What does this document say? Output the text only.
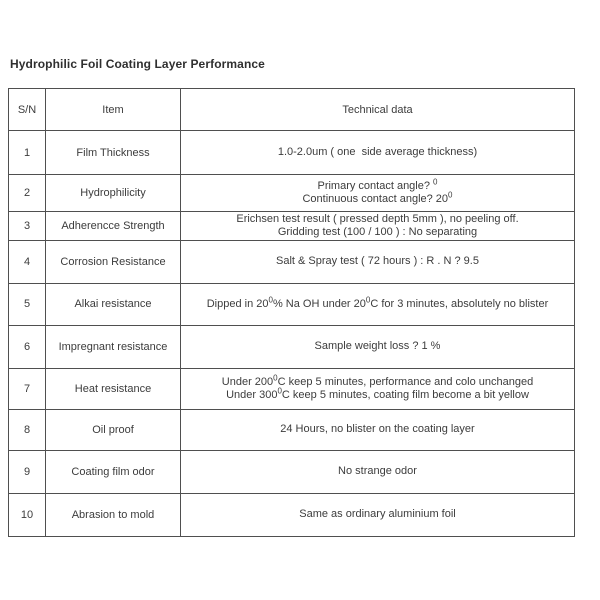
Hydrophilic Foil Coating Layer Performance
S/N	Item	Technical data
1	Film Thickness	1.0-2.0um ( one  side average thickness)

2	Hydrophilicity	Primary contact angle? $^0$
Continuous contact angle? $20^0$

3	Adherencce Strength	Erichsen test result ( pressed depth 5mm ), no peeling off.
Gridding test (100 / 100 ) : No separating

4	Corrosion Resistance	Salt & Spray test ( 72 hours ) : R . N ? 9.5

5	Alkai resistance	Dipped in $20^0\%$ Na OH under $20^0C$ for 3 minutes, absolutely no blister

6	Impregnant resistance	Sample weight loss ? 1 %

7	Heat resistance	Under $200^0C$ keep 5 minutes, performance and colo unchanged
Under $300^0C$ keep 5 minutes, coating film become a bit yellow

8	Oil proof	24 Hours, no blister on the coating layer

9	Coating film odor	No strange odor

10	Abrasion to mold	Same as ordinary aluminium foil
